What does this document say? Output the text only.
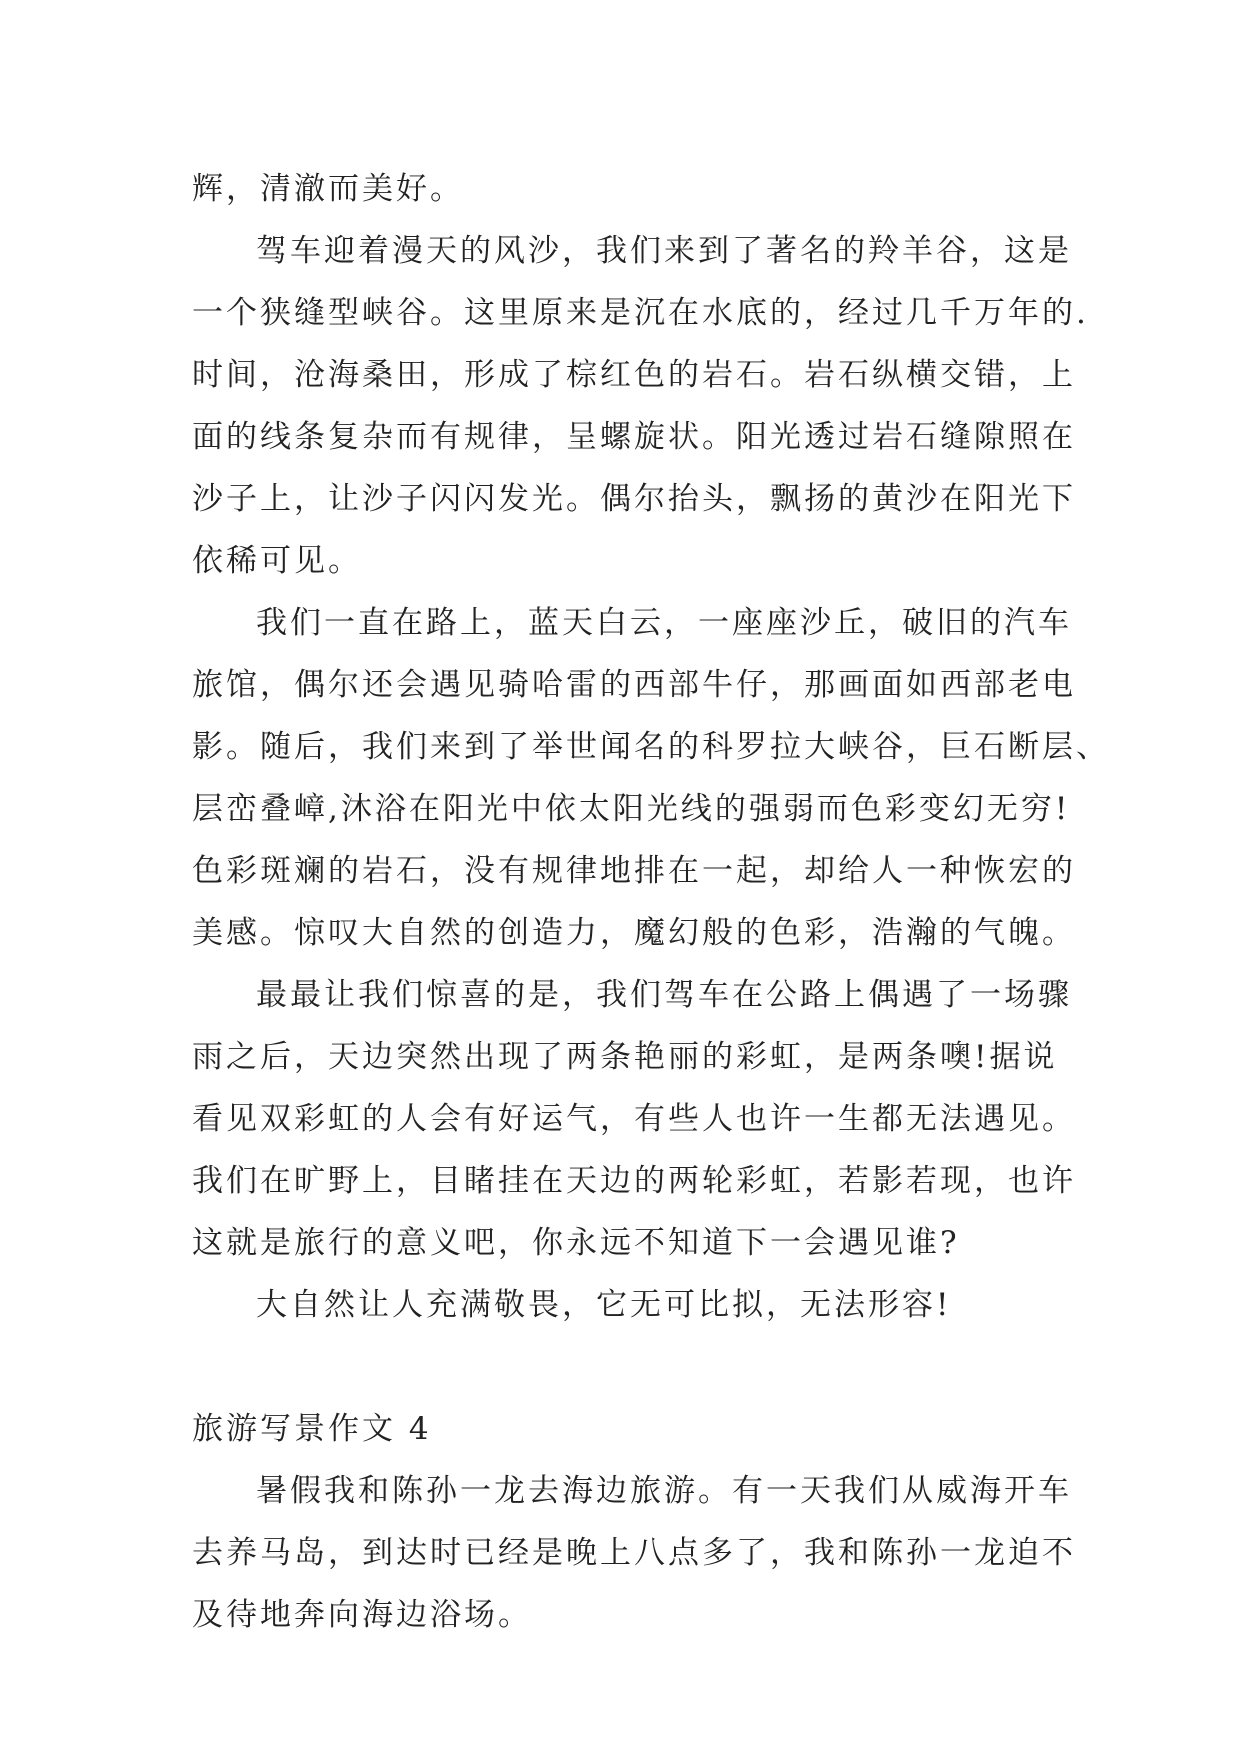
辉，清澈而美好。
驾车迎着漫天的风沙，我们来到了著名的羚羊谷，这是
一个狭缝型峡谷。这里原来是沉在水底的，经过几千万年的.
时间，沧海桑田，形成了棕红色的岩石。岩石纵横交错，上
面的线条复杂而有规律，呈螺旋状。阳光透过岩石缝隙照在
沙子上，让沙子闪闪发光。偶尔抬头，飘扬的黄沙在阳光下
依稀可见。
我们一直在路上，蓝天白云，一座座沙丘，破旧的汽车
旅馆，偶尔还会遇见骑哈雷的西部牛仔，那画面如西部老电
影。随后，我们来到了举世闻名的科罗拉大峡谷，巨石断层、
层峦叠嶂,沐浴在阳光中依太阳光线的强弱而色彩变幻无穷!
色彩斑斓的岩石，没有规律地排在一起，却给人一种恢宏的
美感。惊叹大自然的创造力，魔幻般的色彩，浩瀚的气魄。
最最让我们惊喜的是，我们驾车在公路上偶遇了一场骤
雨之后，天边突然出现了两条艳丽的彩虹，是两条噢!据说
看见双彩虹的人会有好运气，有些人也许一生都无法遇见。
我们在旷野上，目睹挂在天边的两轮彩虹，若影若现，也许
这就是旅行的意义吧，你永远不知道下一会遇见谁?
大自然让人充满敬畏，它无可比拟，无法形容!
旅游写景作文 4
暑假我和陈孙一龙去海边旅游。有一天我们从威海开车
去养马岛，到达时已经是晚上八点多了，我和陈孙一龙迫不
及待地奔向海边浴场。
